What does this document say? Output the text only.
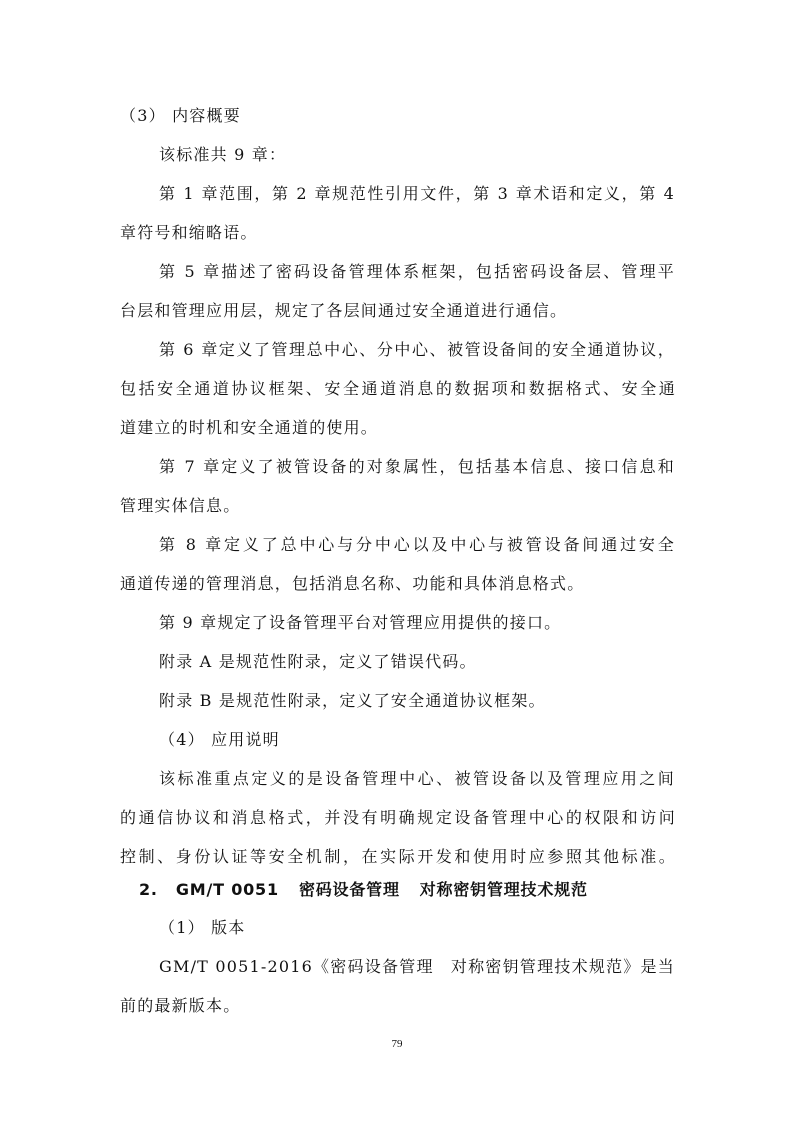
（3） 内容概要
该标准共 9 章：
第 1 章范围，第 2 章规范性引用文件，第 3 章术语和定义，第 4
章符号和缩略语。
第 5 章描述了密码设备管理体系框架，包括密码设备层、管理平
台层和管理应用层，规定了各层间通过安全通道进行通信。
第 6 章定义了管理总中心、分中心、被管设备间的安全通道协议，
包括安全通道协议框架、安全通道消息的数据项和数据格式、安全通
道建立的时机和安全通道的使用。
第 7 章定义了被管设备的对象属性，包括基本信息、接口信息和
管理实体信息。
第 8 章定义了总中心与分中心以及中心与被管设备间通过安全
通道传递的管理消息，包括消息名称、功能和具体消息格式。
第 9 章规定了设备管理平台对管理应用提供的接口。
附录 A 是规范性附录，定义了错误代码。
附录 B 是规范性附录，定义了安全通道协议框架。
（4） 应用说明
该标准重点定义的是设备管理中心、被管设备以及管理应用之间
的通信协议和消息格式，并没有明确规定设备管理中心的权限和访问
控制、身份认证等安全机制，在实际开发和使用时应参照其他标准。
2. GM/T 0051 密码设备管理 对称密钥管理技术规范
（1） 版本
GM/T 0051-2016《密码设备管理　对称密钥管理技术规范》是当
前的最新版本。
79
